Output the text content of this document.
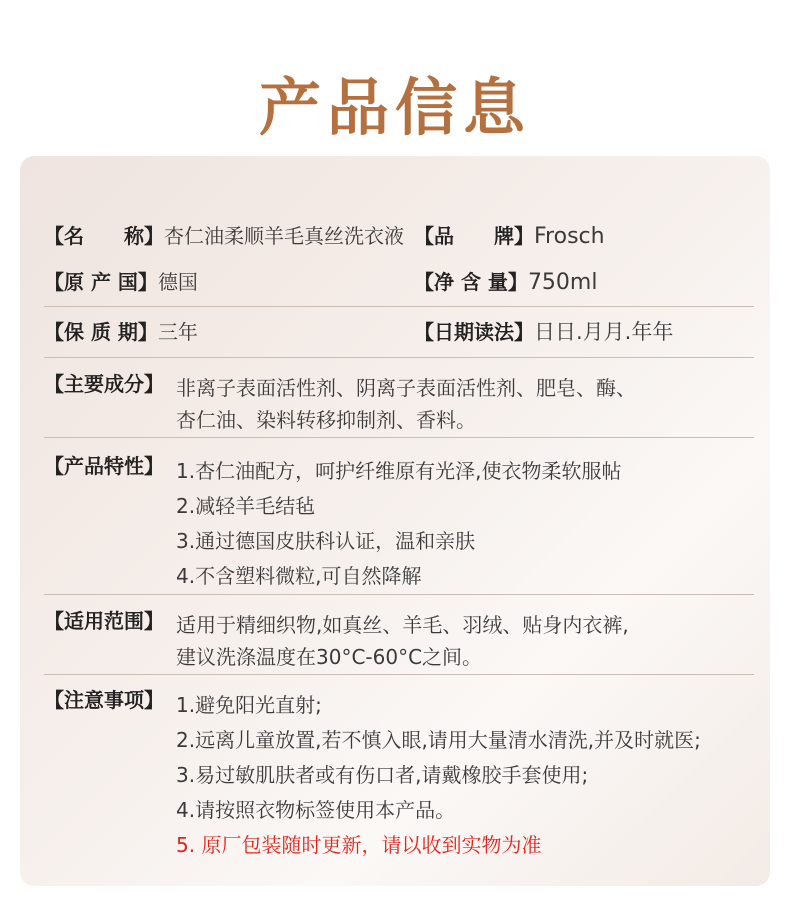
产品信息
【名　　称】杏仁油柔顺羊毛真丝洗衣液 【品　　牌】Frosch
【原 产 国】德国	【净 含 量】750ml
【保 质 期】三年	【日期读法】日日.月月.年年
【主要成分】 非离子表面活性剂、阴离子表面活性剂、肥皂、酶、
杏仁油、染料转移抑制剂、香料。
【产品特性】 1.杏仁油配方，呵护纤维原有光泽,使衣物柔软服帖
2.减轻羊毛结毡
3.通过德国皮肤科认证，温和亲肤
4.不含塑料微粒,可自然降解
【适用范围】 适用于精细织物,如真丝、羊毛、羽绒、贴身内衣裤,
建议洗涤温度在30°C-60°C之间。
【注意事项】 1.避免阳光直射;
2.远离儿童放置,若不慎入眼,请用大量清水清洗,并及时就医;
3.易过敏肌肤者或有伤口者,请戴橡胶手套使用;
4.请按照衣物标签使用本产品。
5. 原厂包装随时更新，请以收到实物为准
